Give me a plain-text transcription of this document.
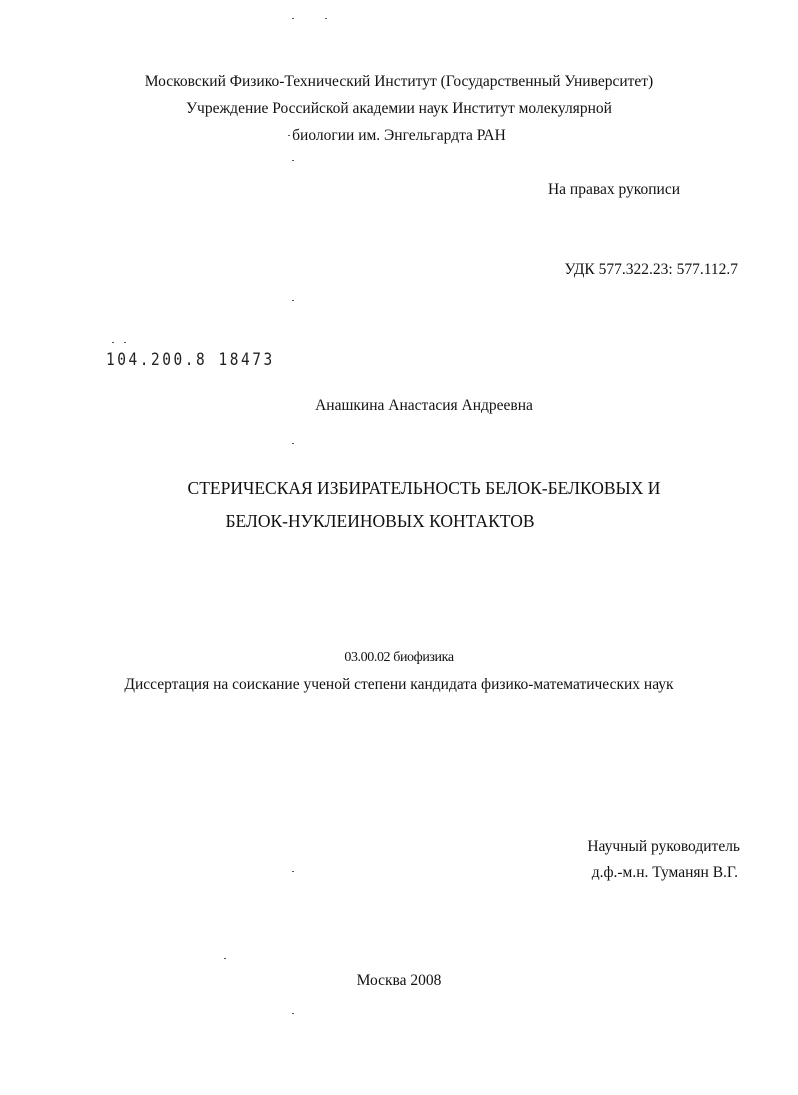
Московский Физико-Технический Институт (Государственный Университет)
Учреждение Российской академии наук Институт молекулярной
биологии им. Энгельгардта РАН
На правах рукописи
УДК 577.322.23: 577.112.7
104.200.8 18473
Анашкина Анастасия Андреевна
СТЕРИЧЕСКАЯ ИЗБИРАТЕЛЬНОСТЬ БЕЛОК-БЕЛКОВЫХ И
БЕЛОК-НУКЛЕИНОВЫХ КОНТАКТОВ
03.00.02 биофизика
Диссертация на соискание ученой степени кандидата физико-математических наук
Научный руководитель
д.ф.-м.н. Туманян В.Г.
Москва 2008
